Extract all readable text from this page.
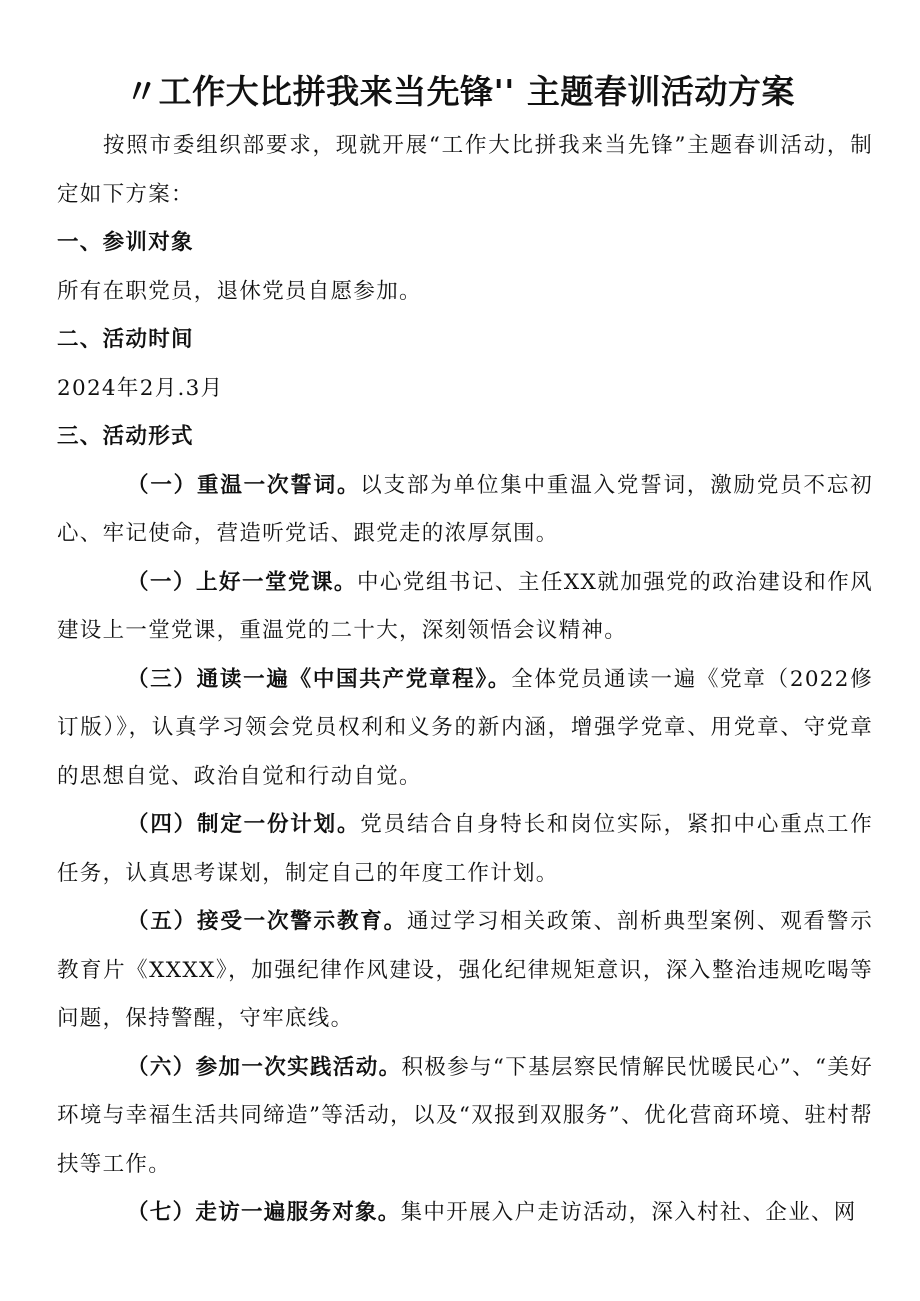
〃工作大比拼我来当先锋'' 主题春训活动方案

按照市委组织部要求，现就开展“工作大比拼我来当先锋”主题春训活动，制定如下方案：

一、参训对象

所有在职党员，退休党员自愿参加。

二、活动时间

2024年2月.3月

三、活动形式

（一）重温一次誓词。以支部为单位集中重温入党誓词，激励党员不忘初心、牢记使命，营造听党话、跟党走的浓厚氛围。

（一）上好一堂党课。中心党组书记、主任XX就加强党的政治建设和作风建设上一堂党课，重温党的二十大，深刻领悟会议精神。

（三）通读一遍《中国共产党章程》。全体党员通读一遍《党章（2022修订版）》，认真学习领会党员权利和义务的新内涵，增强学党章、用党章、守党章的思想自觉、政治自觉和行动自觉。

（四）制定一份计划。党员结合自身特长和岗位实际，紧扣中心重点工作任务，认真思考谋划，制定自己的年度工作计划。

（五）接受一次警示教育。通过学习相关政策、剖析典型案例、观看警示教育片《XXXX》，加强纪律作风建设，强化纪律规矩意识，深入整治违规吃喝等问题，保持警醒，守牢底线。

（六）参加一次实践活动。积极参与“下基层察民情解民忧暖民心”、“美好环境与幸福生活共同缔造”等活动，以及“双报到双服务”、优化营商环境、驻村帮扶等工作。

（七）走访一遍服务对象。集中开展入户走访活动，深入村社、企业、网
